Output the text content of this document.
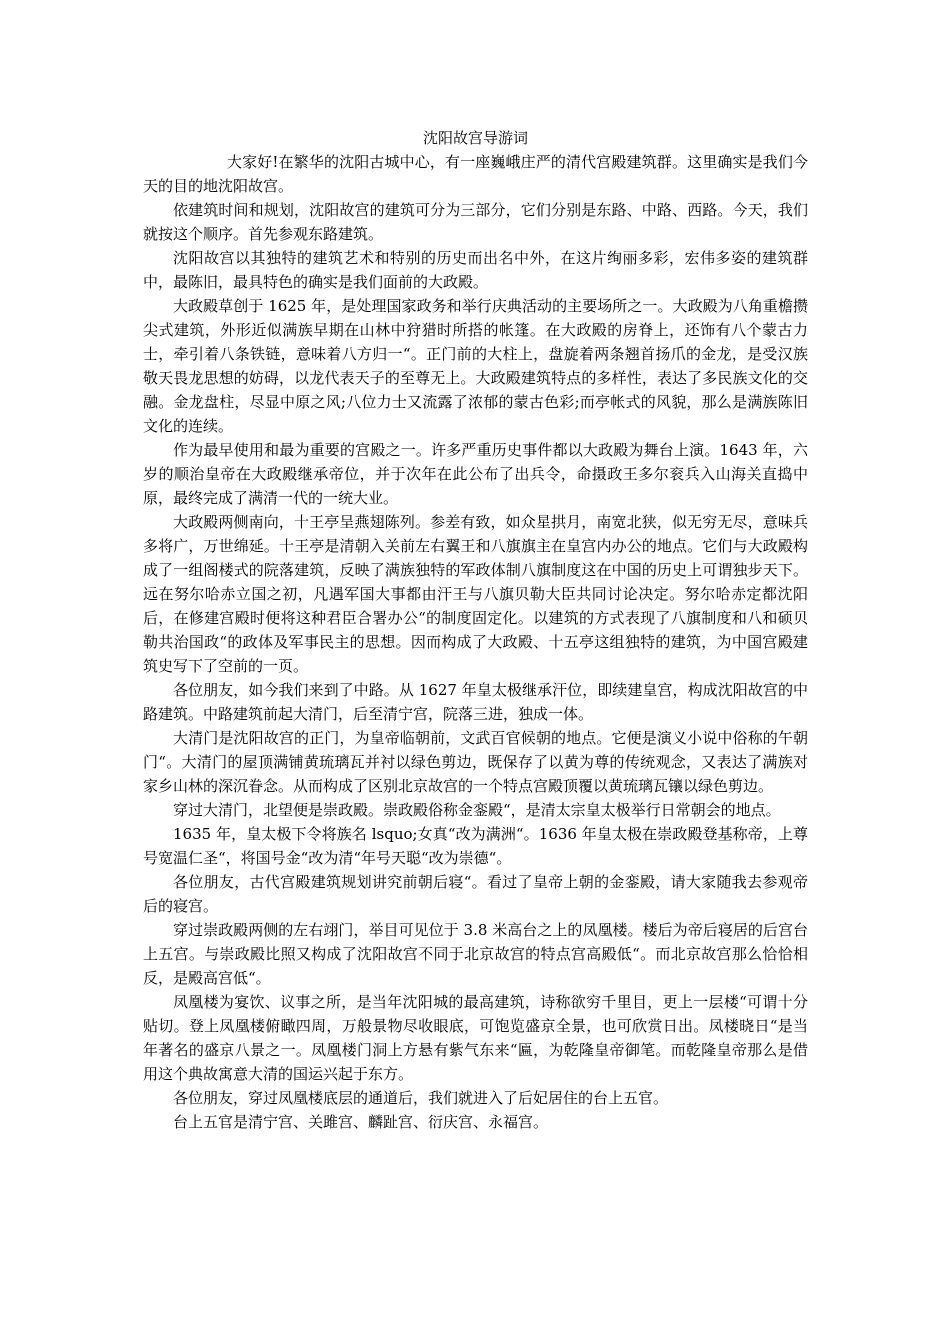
沈阳故宫导游词

大家好!在繁华的沈阳古城中心，有一座巍峨庄严的清代宫殿建筑群。这里确实是我们今天的目的地沈阳故宫。

依建筑时间和规划，沈阳故宫的建筑可分为三部分，它们分别是东路、中路、西路。今天，我们就按这个顺序。首先参观东路建筑。

沈阳故宫以其独特的建筑艺术和特别的历史而出名中外，在这片绚丽多彩，宏伟多姿的建筑群中，最陈旧，最具特色的确实是我们面前的大政殿。

大政殿草创于 1625 年，是处理国家政务和举行庆典活动的主要场所之一。大政殿为八角重檐攒尖式建筑，外形近似满族早期在山林中狩猎时所搭的帐篷。在大政殿的房脊上，还饰有八个蒙古力士，牵引着八条铁链，意味着八方归一“。正门前的大柱上，盘旋着两条翘首扬爪的金龙，是受汉族敬天畏龙思想的妨碍，以龙代表天子的至尊无上。大政殿建筑特点的多样性，表达了多民族文化的交融。金龙盘柱，尽显中原之风;八位力士又流露了浓郁的蒙古色彩;而亭帐式的风貌，那么是满族陈旧文化的连续。

作为最早使用和最为重要的宫殿之一。许多严重历史事件都以大政殿为舞台上演。1643 年，六岁的顺治皇帝在大政殿继承帝位，并于次年在此公布了出兵令，命摄政王多尔衮兵入山海关直捣中原，最终完成了满清一代的一统大业。

大政殿两侧南向，十王亭呈燕翅陈列。参差有致，如众星拱月，南宽北狭，似无穷无尽，意味兵多将广，万世绵延。十王亭是清朝入关前左右翼王和八旗旗主在皇宫内办公的地点。它们与大政殿构成了一组阁楼式的院落建筑，反映了满族独特的军政体制八旗制度这在中国的历史上可谓独步天下。远在努尔哈赤立国之初，凡遇军国大事都由汗王与八旗贝勒大臣共同讨论决定。努尔哈赤定都沈阳后，在修建宫殿时便将这种君臣合署办公“的制度固定化。以建筑的方式表现了八旗制度和八和硕贝勒共治国政“的政体及军事民主的思想。因而构成了大政殿、十五亭这组独特的建筑，为中国宫殿建筑史写下了空前的一页。

各位朋友，如今我们来到了中路。从 1627 年皇太极继承汗位，即续建皇宫，构成沈阳故宫的中路建筑。中路建筑前起大清门，后至清宁宫，院落三进，独成一体。

大清门是沈阳故宫的正门，为皇帝临朝前，文武百官候朝的地点。它便是演义小说中俗称的午朝门“。大清门的屋顶满铺黄琉璃瓦并衬以绿色剪边，既保存了以黄为尊的传统观念，又表达了满族对家乡山林的深沉眷念。从而构成了区别北京故宫的一个特点宫殿顶覆以黄琉璃瓦镶以绿色剪边。

穿过大清门，北望便是崇政殿。崇政殿俗称金銮殿“，是清太宗皇太极举行日常朝会的地点。

1635 年，皇太极下令将族名 lsquo;女真“改为满洲“。1636 年皇太极在崇政殿登基称帝，上尊号宽温仁圣“，将国号金“改为清“年号天聪“改为崇德“。

各位朋友，古代宫殿建筑规划讲究前朝后寝“。看过了皇帝上朝的金銮殿，请大家随我去参观帝后的寝宫。

穿过崇政殿两侧的左右翊门，举目可见位于 3.8 米高台之上的凤凰楼。楼后为帝后寝居的后宫台上五宫。与崇政殿比照又构成了沈阳故宫不同于北京故宫的特点宫高殿低“。而北京故宫那么恰恰相反，是殿高宫低“。

凤凰楼为宴饮、议事之所，是当年沈阳城的最高建筑，诗称欲穷千里目，更上一层楼“可谓十分贴切。登上凤凰楼俯瞰四周，万般景物尽收眼底，可饱览盛京全景，也可欣赏日出。凤楼晓日“是当年著名的盛京八景之一。凤凰楼门洞上方悬有紫气东来“匾，为乾隆皇帝御笔。而乾隆皇帝那么是借用这个典故寓意大清的国运兴起于东方。

各位朋友，穿过凤凰楼底层的通道后，我们就进入了后妃居住的台上五官。

台上五官是清宁宫、关雎宫、麟趾宫、衍庆宫、永福宫。
